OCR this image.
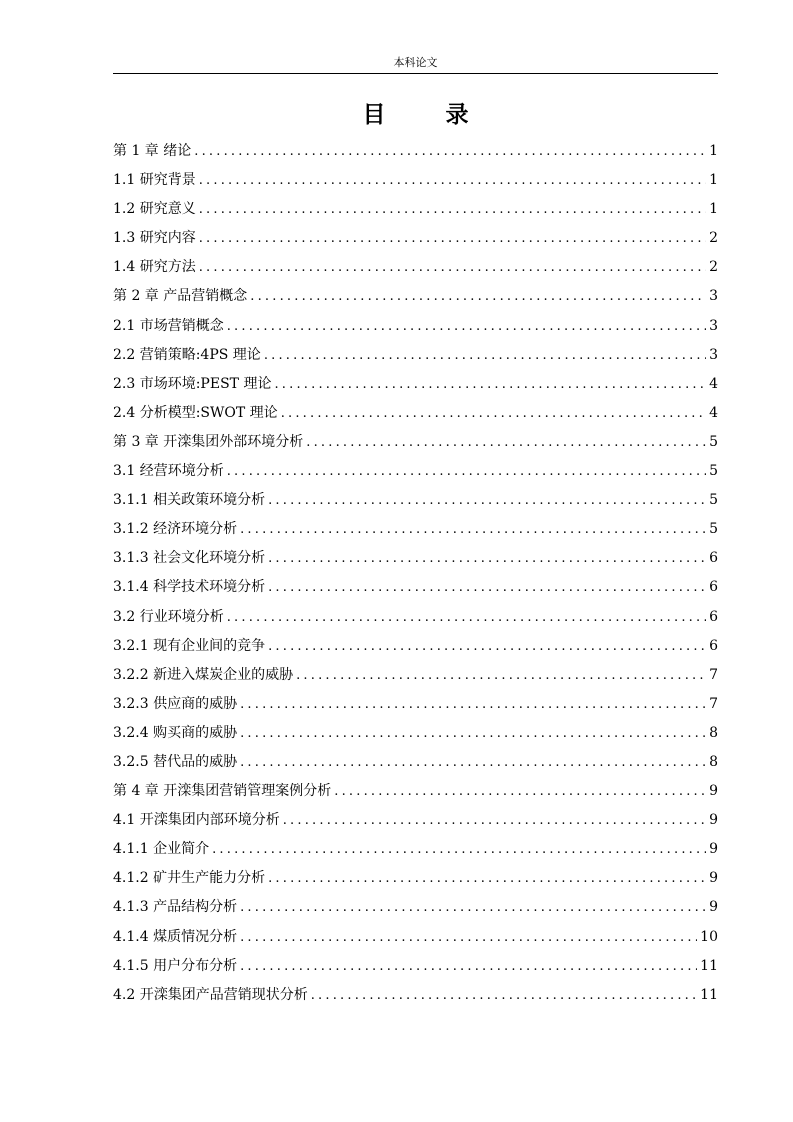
本科论文
目 录
第 1 章 绪论 .....	1
1.1 研究背景 .....	1
1.2 研究意义 .....	1
1.3 研究内容 .....	2
1.4 研究方法 .....	2
第 2 章 产品营销概念 .....	3
2.1 市场营销概念 .....	3
2.2 营销策略:4PS 理论 .....	3
2.3 市场环境:PEST 理论 .....	4
2.4 分析模型:SWOT 理论 .....	4
第 3 章 开滦集团外部环境分析 .....	5
3.1 经营环境分析 .....	5
3.1.1 相关政策环境分析 .....	5
3.1.2 经济环境分析 .....	5
3.1.3 社会文化环境分析 .....	6
3.1.4 科学技术环境分析 .....	6
3.2 行业环境分析 .....	6
3.2.1 现有企业间的竞争 .....	6
3.2.2 新进入煤炭企业的威胁 .....	7
3.2.3 供应商的威胁 .....	7
3.2.4 购买商的威胁 .....	8
3.2.5 替代品的威胁 .....	8
第 4 章 开滦集团营销管理案例分析 .....	9
4.1 开滦集团内部环境分析 .....	9
4.1.1 企业简介 .....	9
4.1.2 矿井生产能力分析 .....	9
4.1.3 产品结构分析 .....	9
4.1.4 煤质情况分析 .....	10
4.1.5 用户分布分析 .....	11
4.2 开滦集团产品营销现状分析 .....	11
